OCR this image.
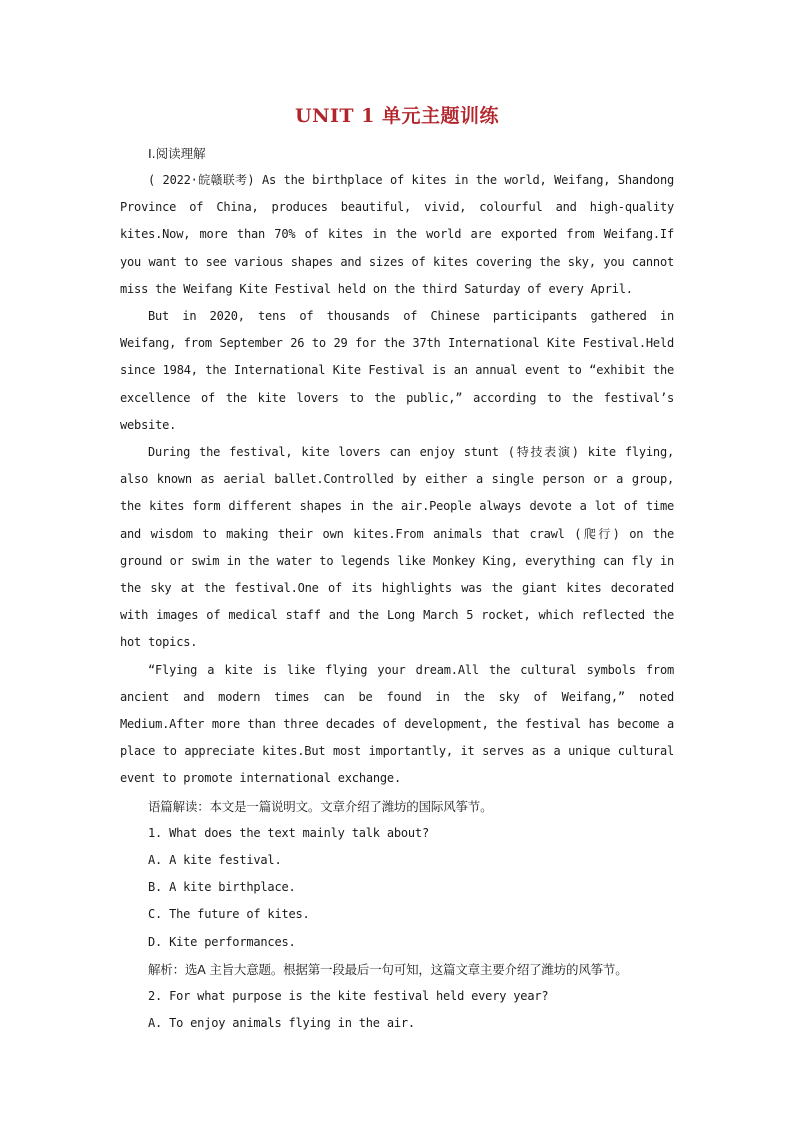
UNIT 1 单元主题训练

Ⅰ.阅读理解

( 2022·皖赣联考) As the birthplace of kites in the world, Weifang, Shandong Province of China, produces beautiful, vivid, colourful and high-quality kites.Now, more than 70% of kites in the world are exported from Weifang.If you want to see various shapes and sizes of kites covering the sky, you cannot miss the Weifang Kite Festival held on the third Saturday of every April.

But in 2020, tens of thousands of Chinese participants gathered in Weifang, from September 26 to 29 for the 37th International Kite Festival.Held since 1984, the International Kite Festival is an annual event to “exhibit the excellence of the kite lovers to the public,” according to the festival’s website.

During the festival, kite lovers can enjoy stunt (特技表演) kite flying, also known as aerial ballet.Controlled by either a single person or a group, the kites form different shapes in the air.People always devote a lot of time and wisdom to making their own kites.From animals that crawl (爬行) on the ground or swim in the water to legends like Monkey King, everything can fly in the sky at the festival.One of its highlights was the giant kites decorated with images of medical staff and the Long March 5 rocket, which reflected the hot topics.

“Flying a kite is like flying your dream.All the cultural symbols from ancient and modern times can be found in the sky of Weifang,” noted Medium.After more than three decades of development, the festival has become a place to appreciate kites.But most importantly, it serves as a unique cultural event to promote international exchange.

语篇解读：本文是一篇说明文。文章介绍了潍坊的国际风筝节。

1. What does the text mainly talk about?

A. A kite festival.

B. A kite birthplace.

C. The future of kites.

D. Kite performances.

解析：选A 主旨大意题。根据第一段最后一句可知，这篇文章主要介绍了潍坊的风筝节。

2. For what purpose is the kite festival held every year?

A. To enjoy animals flying in the air.
